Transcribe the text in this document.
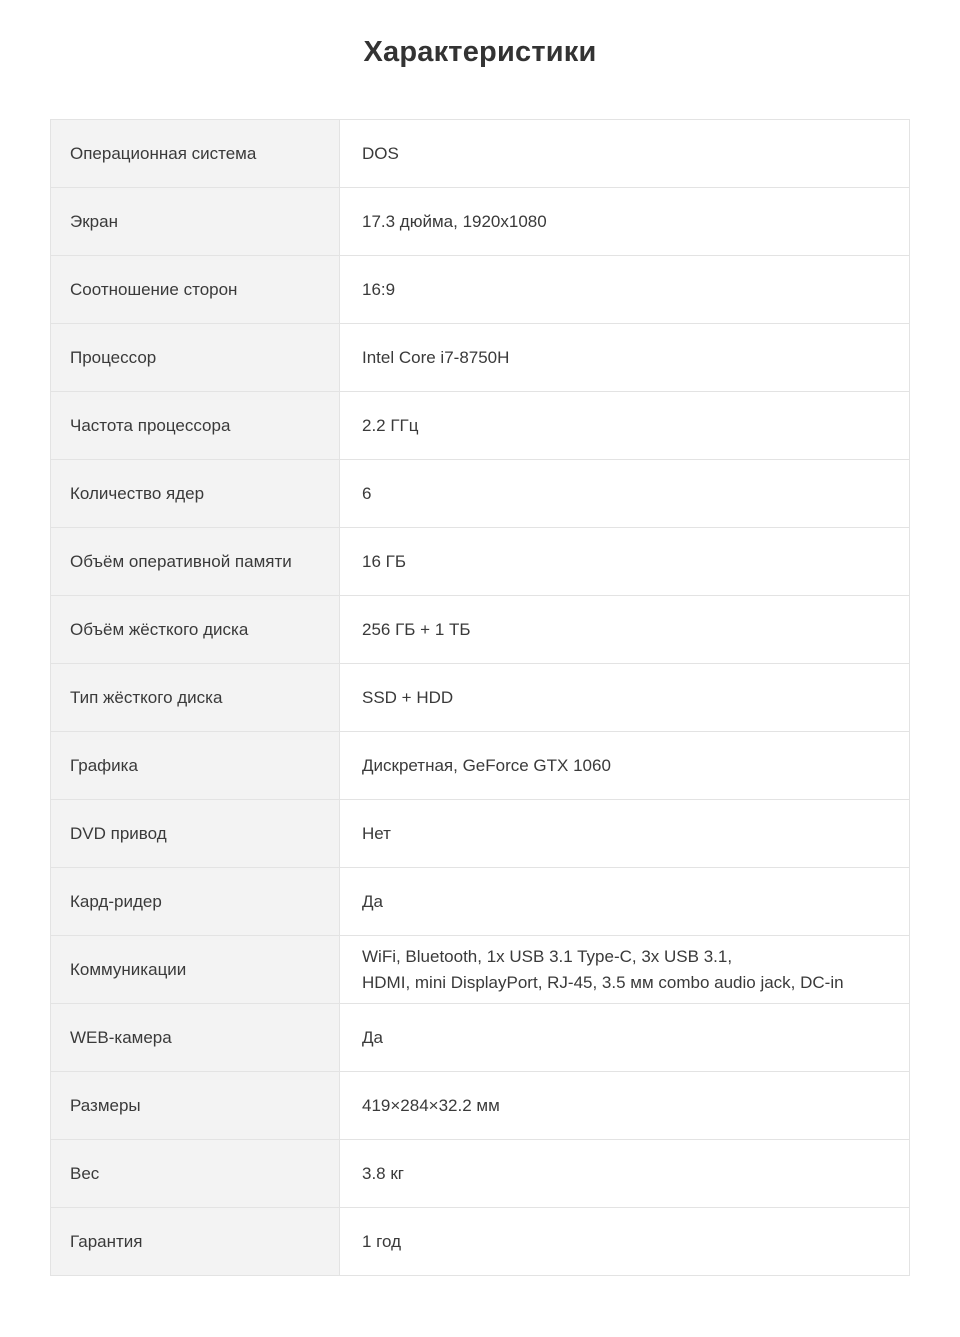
Характеристики
Операционная система	DOS
Экран	17.3 дюйма, 1920x1080
Соотношение сторон	16:9
Процессор	Intel Core i7-8750H
Частота процессора	2.2 ГГц
Количество ядер	6
Объём оперативной памяти	16 ГБ
Объём жёсткого диска	256 ГБ + 1 ТБ
Тип жёсткого диска	SSD + HDD
Графика	Дискретная, GeForce GTX 1060
DVD привод	Нет
Кард-ридер	Да
Коммуникации	WiFi, Bluetooth, 1x USB 3.1 Type-C, 3x USB 3.1,
HDMI, mini DisplayPort, RJ-45, 3.5 мм combo audio jack, DC-in
WEB-камера	Да
Размеры	419×284×32.2 мм
Вес	3.8 кг
Гарантия	1 год
